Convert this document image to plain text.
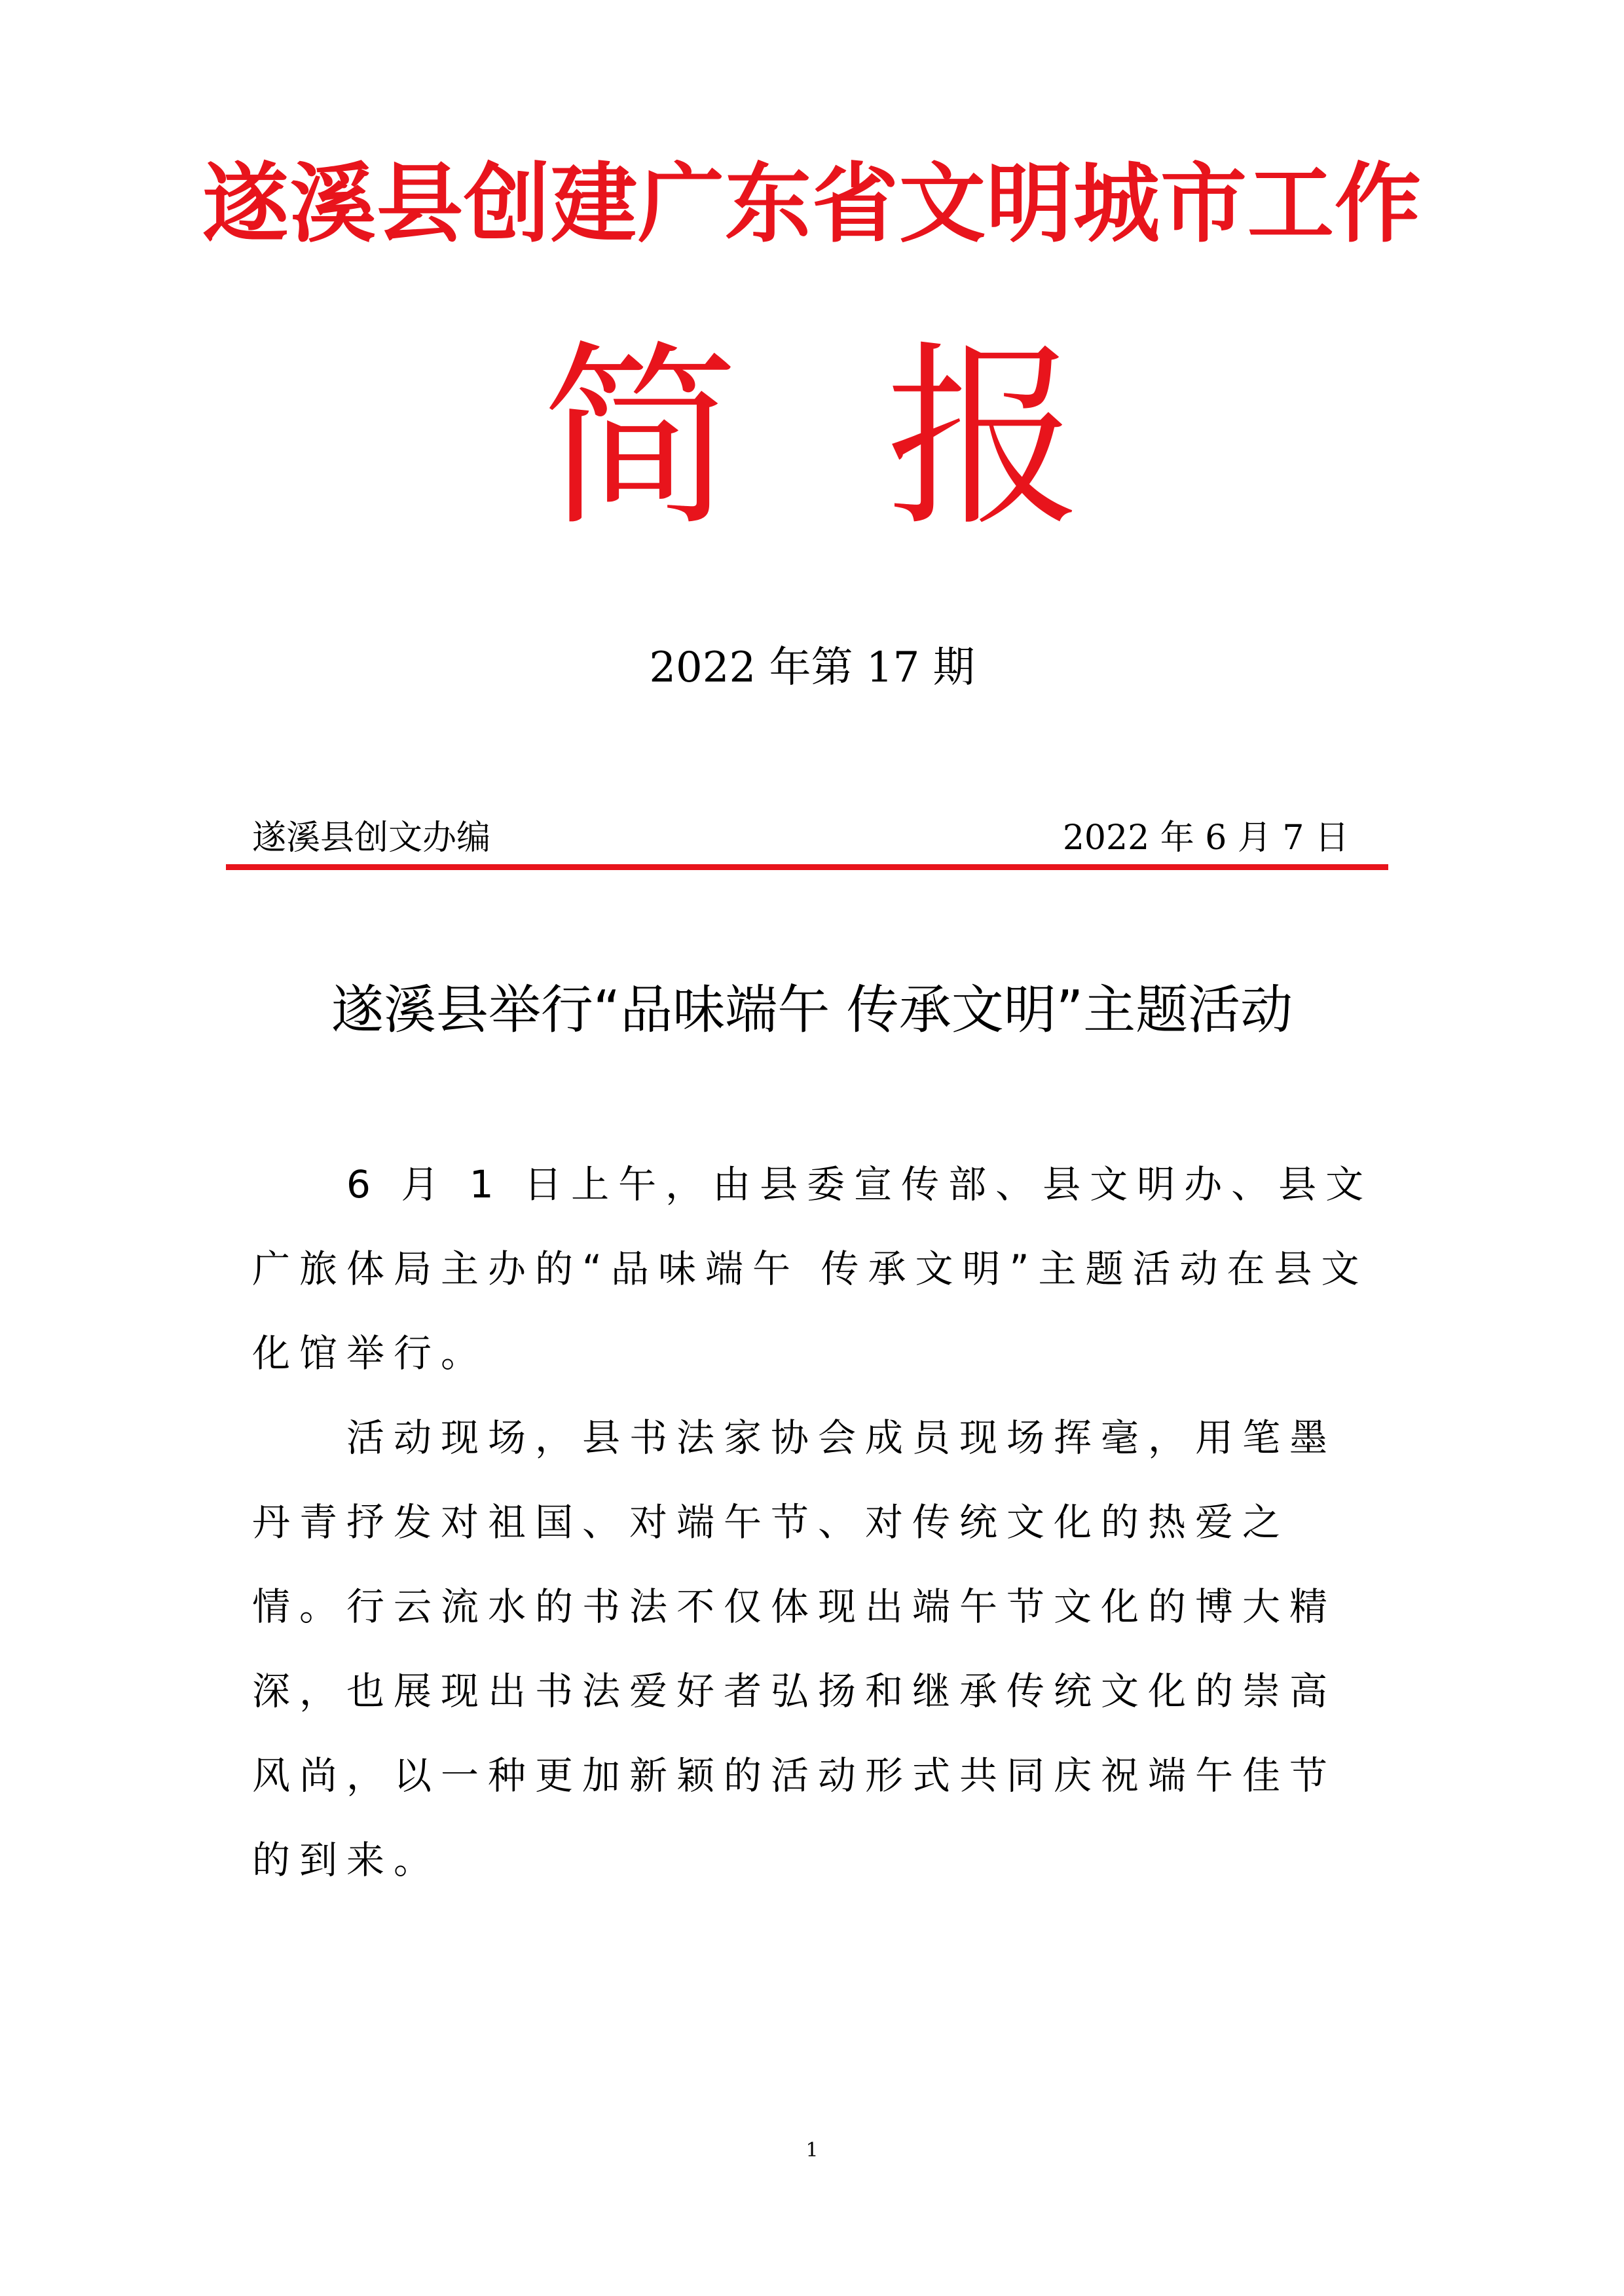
遂溪县创建广东省文明城市工作
简 报
2022 年第 17 期
遂溪县创文办编	2022 年 6 月 7 日
遂溪县举行“品味端午 传承文明”主题活动

6 月 1 日上午，由县委宣传部、县文明办、县文广旅体局主办的“品味端午 传承文明”主题活动在县文化馆举行。

活动现场，县书法家协会成员现场挥毫，用笔墨丹青抒发对祖国、对端午节、对传统文化的热爱之情。行云流水的书法不仅体现出端午节文化的博大精深，也展现出书法爱好者弘扬和继承传统文化的崇高风尚，以一种更加新颖的活动形式共同庆祝端午佳节的到来。

1
